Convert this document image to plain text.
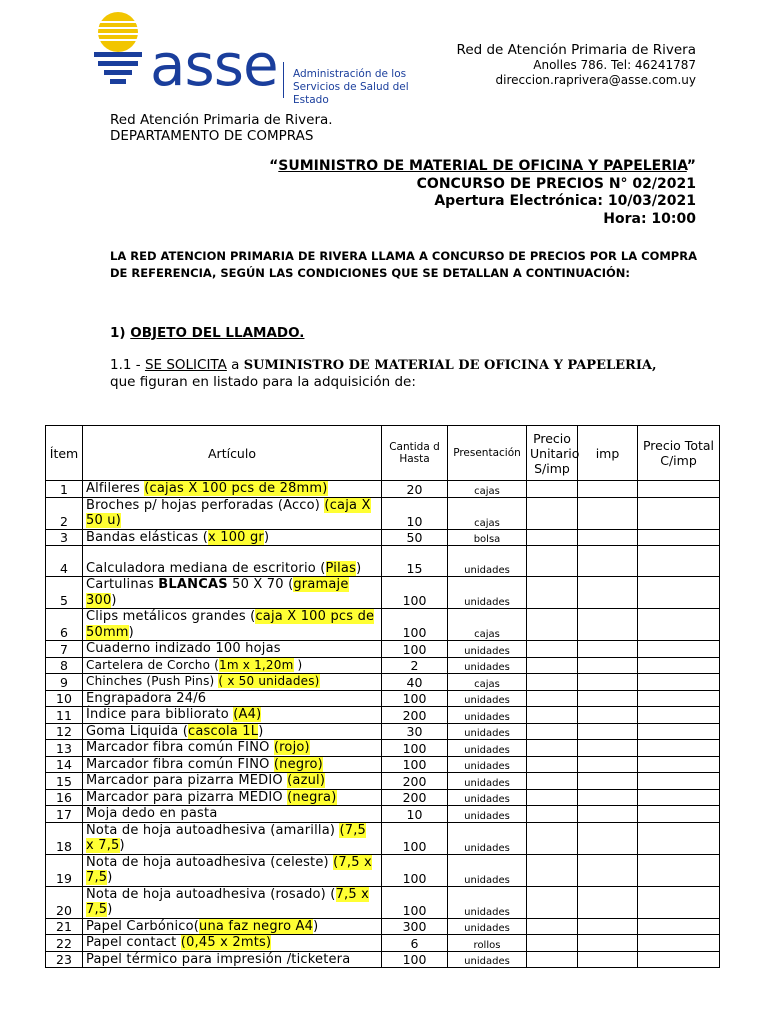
asse Administración de los
Servicios de Salud del Estado
Red de Atención Primaria de Rivera
Anolles 786. Tel: 46241787
direccion.raprivera@asse.com.uy
Red Atención Primaria de Rivera.
DEPARTAMENTO DE COMPRAS
“SUMINISTRO DE MATERIAL DE OFICINA Y PAPELERIA”
CONCURSO DE PRECIOS N° 02/2021
Apertura Electrónica: 10/03/2021
Hora: 10:00
LA RED ATENCION PRIMARIA DE RIVERA LLAMA A CONCURSO DE PRECIOS POR LA COMPRA DE REFERENCIA, SEGÚN LAS CONDICIONES QUE SE DETALLAN A CONTINUACIÓN:
1) OBJETO DEL LLAMADO.
1.1 - SE SOLICITA a SUMINISTRO DE MATERIAL DE OFICINA Y PAPELERIA,
que figuran en listado para la adquisición de:
Ítem	Artículo	Cantida d Hasta	Presentación	Precio Unitario S/imp	imp	Precio Total C/imp
1	Alfileres (cajas X 100 pcs de 28mm)	20	cajas			
2	Broches p/ hojas perforadas (Acco) (caja X 50 u)	10	cajas			
3	Bandas elásticas (x 100 gr)	50	bolsa			
4	Calculadora mediana de escritorio (Pilas)	15	unidades			
5	Cartulinas BLANCAS 50 X 70 (gramaje 300)	100	unidades			
6	Clips metálicos grandes (caja X 100 pcs de 50mm)	100	cajas			
7	Cuaderno indizado 100 hojas	100	unidades			
8	Cartelera de Corcho (1m x 1,20m )	2	unidades			
9	Chinches (Push Pins) ( x 50 unidades)	40	cajas			
10	Engrapadora 24/6	100	unidades			
11	Índice para bibliorato (A4)	200	unidades			
12	Goma Liquida (cascola 1L)	30	unidades			
13	Marcador fibra común FINO (rojo)	100	unidades			
14	Marcador fibra común FINO (negro)	100	unidades			
15	Marcador para pizarra MEDIO (azul)	200	unidades			
16	Marcador para pizarra MEDIO (negra)	200	unidades			
17	Moja dedo en pasta	10	unidades			
18	Nota de hoja autoadhesiva (amarilla) (7,5 x 7,5)	100	unidades			
19	Nota de hoja autoadhesiva (celeste) (7,5 x 7,5)	100	unidades			
20	Nota de hoja autoadhesiva (rosado) (7,5 x 7,5)	100	unidades			
21	Papel Carbónico(una faz negro A4)	300	unidades			
22	Papel contact (0,45 x 2mts)	6	rollos			
23	Papel térmico para impresión /ticketera	100	unidades			
